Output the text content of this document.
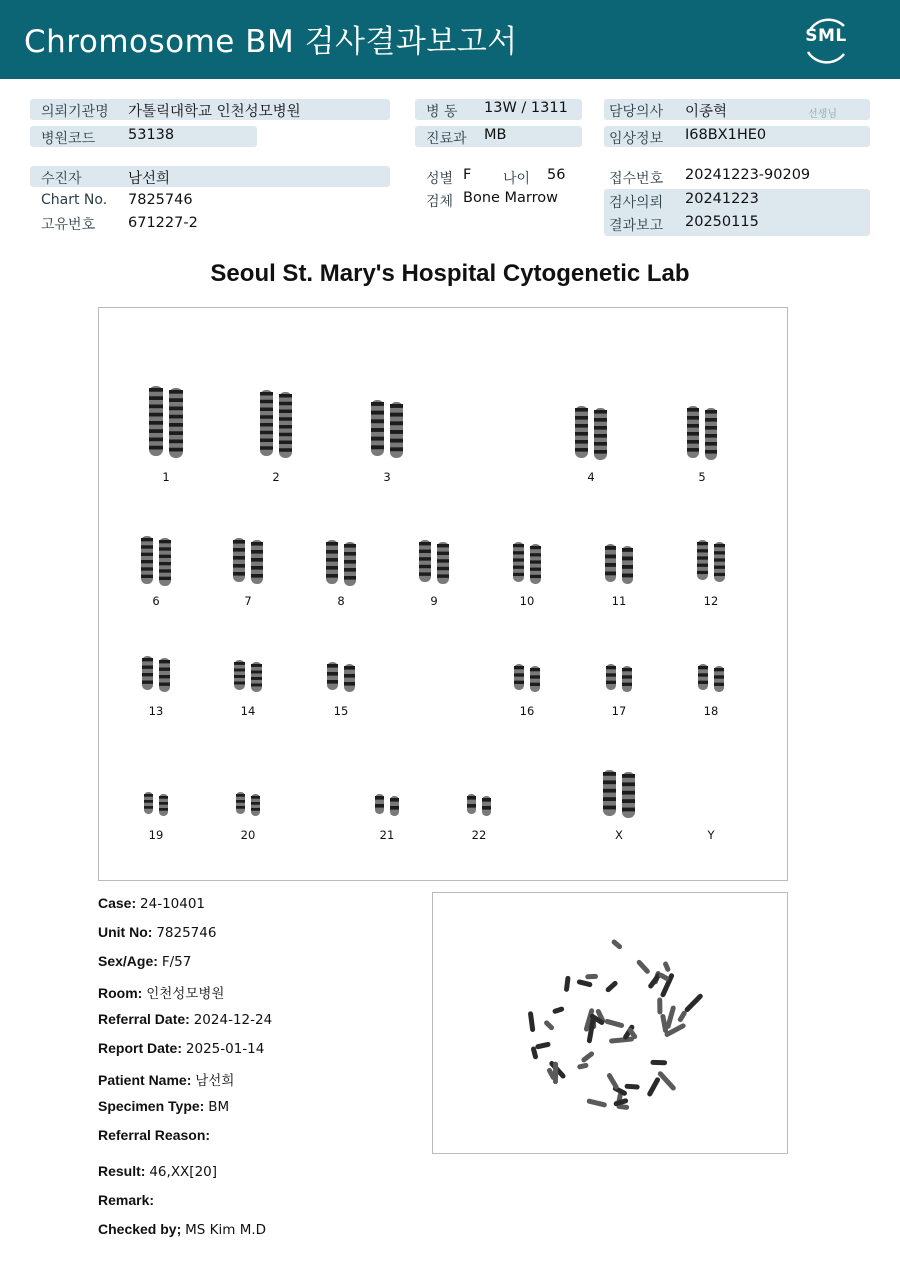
Chromosome BM 검사결과보고서	SML
의뢰기관명 가톨릭대학교 인천성모병원
병원코드 53138
수진자	남선희
Chart No. 7825746
고유번호 671227-2
병 동 13W / 1311
진료과 MB
성별 F 나이 56
검체 Bone Marrow
담당의사 이종혁	선생님
임상정보 I68BX1HE0
접수번호 20241223-90209
검사의뢰 20241223
결과보고 20250115
Seoul St. Mary's Hospital Cytogenetic Lab
1	2	3	4	5
6	7	8	9	10	11	12
13	14	15	16	17	18
19	20	21	22	X	Y
Case: 24-10401
Unit No: 7825746
Sex/Age: F/57
Room: 인천성모병원
Referral Date: 2024-12-24
Report Date: 2025-01-14
Patient Name: 남선희
Specimen Type: BM
Referral Reason:
Result: 46,XX[20]
Remark:
Checked by; MS Kim M.D
